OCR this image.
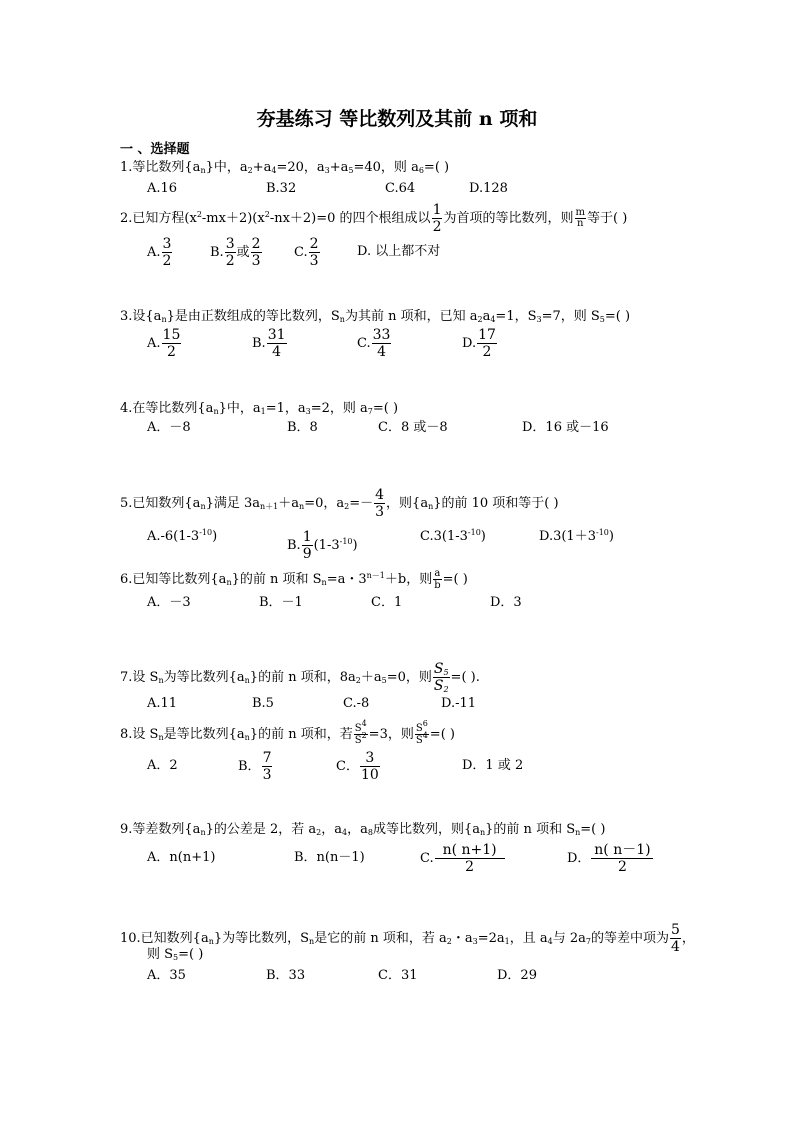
夯基练习 等比数列及其前 n 项和
一 、选择题
1.等比数列$\{a_n\}$中，$a_2+a_4=20$，$a_3+a_5=40$，则 $a_6=$( )
A.16	B.32	C.64	D.128
2.已知方程$(x^2-mx+2)(x^2-nx+2)=0$ 的四个根组成以 $\frac{1}{2}$ 为首项的等比数列，则 $\frac{m}{n}$ 等于( )
A. $\frac{3}{2}$	B. $\frac{3}{2}$ 或 $\frac{2}{3} C$. $\frac{2}{3}$	D. 以上都不对
3.设$\{a_n\}$是由正数组成的等比数列，$S_n$为其前 n 项和，已知 $a_2a_4=1$，$S_3=7$，则 $S_5=$( )
A. $\frac{15}{2}$	B. $\frac{31}{4}$	C. $\frac{33}{4}$	D. $\frac{17}{2}$
4.在等比数列$\{a_n\}$中，$a_1=1$，$a_3=2$，则 $a_7=$( )
A．－8	B．8	C．8 或－8	D．16 或－16
5.已知数列$\{a_n\}$满足 $3a_{n+1}+a_n=0$，$a_2=- \frac{4}{3}$ ，则$\{a_n\}$的前 10 项和等于( )
$A.-6(1-3^{-10})$
B. $\frac{1}{9} (1-3^{-10})$
$C.3(1-3^{-10})$	$D.3(1+3^{-10})$
6.已知等比数列$\{a_n\}$的前 n 项和 $S_n=a$・$3^{n-1}+b$，则 $\frac{a}{b}$ =( )
A．－3	B．－1	C．1	D．3
7.设 $S_n$为等比数列$\{a_n\}$的前 n 项和，$8a_2+a_5=0$，则 $\frac{S_5}{S_2}$ =( ).
A.11	B.5	C.-8	D.-11
8.设 $S_n$是等比数列$\{a_n\}$的前 n 项和，若 $\frac{S^4}{S^2} =3$，则 $\frac{S^6}{S^4}$ =( )
A．2	B． $\frac{7}{3}$	C． $\frac{3}{10}$	D．1 或 2
9.等差数列$\{a_n\}$的公差是 2，若 $a_2$，$a_4$，$a_8$成等比数列，则$\{a_n\}$的前 n 项和 $S_n=$( )
A．n(n+1)	B．n(n－1)	C. $\frac{n( n+1)}{2}$	D． $\frac{n( n-1)}{2}$
10.已知数列$\{a_n\}$为等比数列，$S_n$是它的前 n 项和，若 $a_2$・$a_3=2a_1$，且 $a_4$与 $2a_7$的等差中项为 $\frac{5}{4}$ ，
则 $S_5=$( )
A．35	B．33	C．31	D．29
